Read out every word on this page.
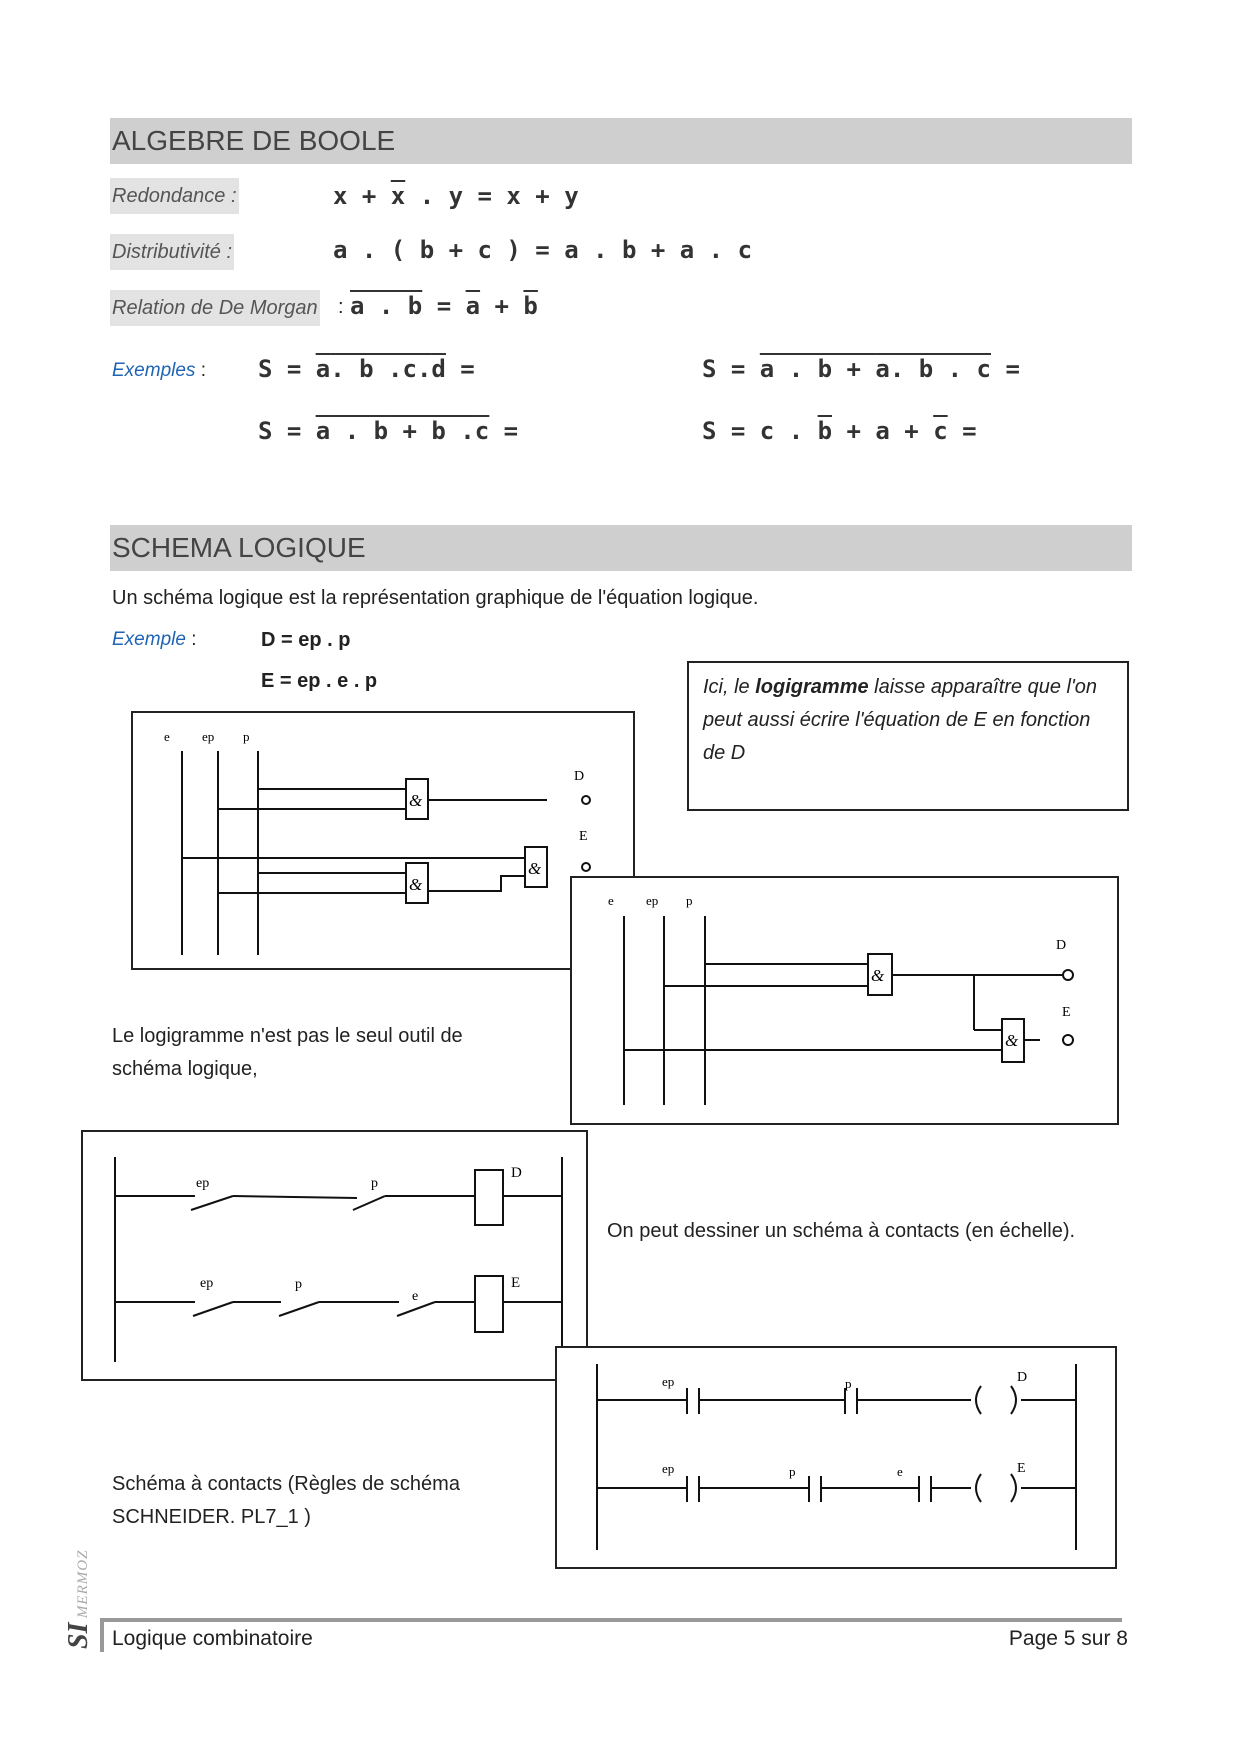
ALGEBRE DE BOOLE
Redondance :	$x + \overline{x}$ . y = x + y
Distributivité :	a . ( b + c ) = a . b + a . c
Relation de De Morgan : a . $b = \overline{a} + \overline{b}$
Exemples : S = a. b .c.d =	S = a . b + a. b . c =
S = a . b + b .c =	S = c . $\overline{b} + a + \overline{c}$ =
SCHEMA LOGIQUE
Un schéma logique est la représentation graphique de l'équation logique.
Exemple :	D = ep . p
E = ep . e . p	Ici, le logigramme laisse apparaître que l'on peut aussi écrire l'équation de E en fonction de D
e ep p
&
&
&
D
E
e ep p
&
&
D
E
Le logigramme n'est pas le seul outil de schéma logique,
ep	p
D
ep	p
e
E
On peut dessiner un schéma à contacts (en échelle).
ep	p	D
ep	p	e	E
Schéma à contacts (Règles de schéma SCHNEIDER. PL7_1 )
SI MERMOZ
Logique combinatoire	Page 5 sur 8
